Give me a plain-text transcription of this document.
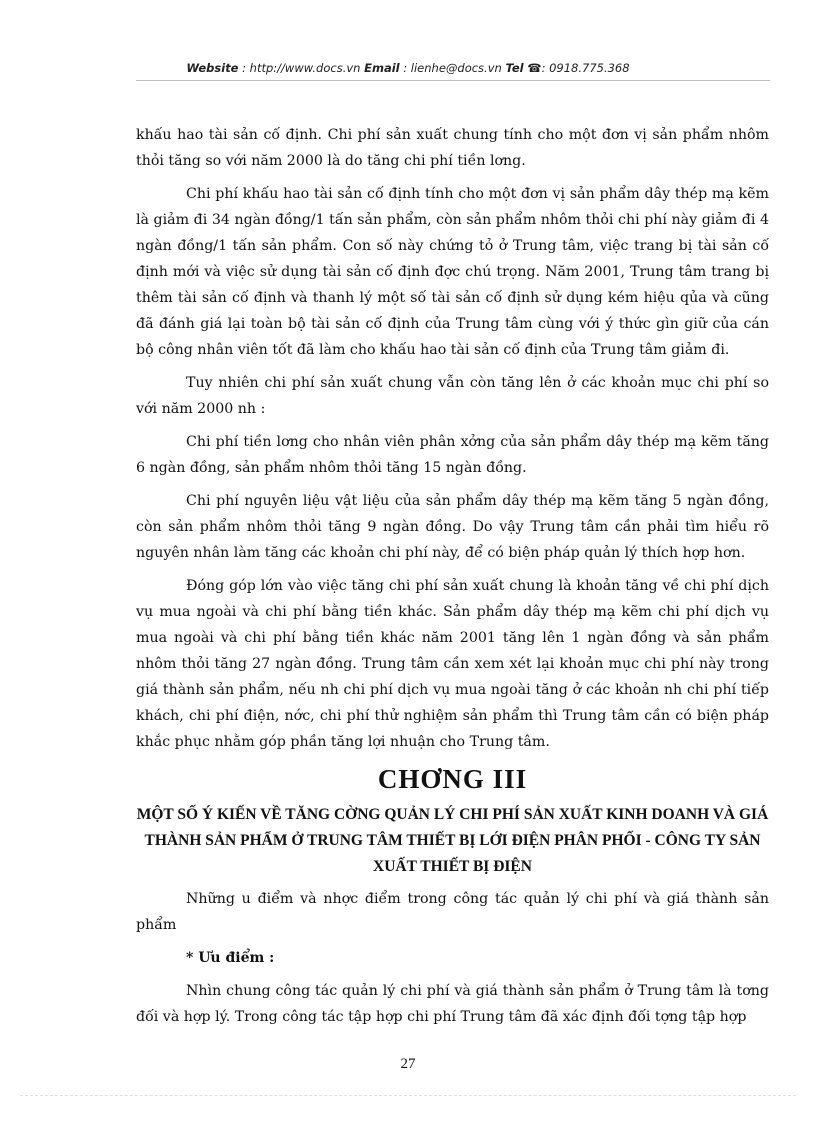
Website : http://www.docs.vn Email : lienhe@docs.vn Tel ☎: 0918.775.368

khấu hao tài sản cố định. Chi phí sản xuất chung tính cho một đơn vị sản phẩm nhôm thỏi tăng so với năm 2000 là do tăng chi phí tiền lơng.

Chi phí khấu hao tài sản cố định tính cho một đơn vị sản phẩm dây thép mạ kẽm là giảm đi 34 ngàn đồng/1 tấn sản phẩm, còn sản phẩm nhôm thỏi chi phí này giảm đi 4 ngàn đồng/1 tấn sản phẩm. Con số này chứng tỏ ở Trung tâm, việc trang bị tài sản cố định mới và việc sử dụng tài sản cố định đợc chú trọng. Năm 2001, Trung tâm trang bị thêm tài sản cố định và thanh lý một số tài sản cố định sử dụng kém hiệu qủa và cũng đã đánh giá lại toàn bộ tài sản cố định của Trung tâm cùng với ý thức gìn giữ của cán bộ công nhân viên tốt đã làm cho khấu hao tài sản cố định của Trung tâm giảm đi.

Tuy nhiên chi phí sản xuất chung vẫn còn tăng lên ở các khoản mục chi phí so với năm 2000 nh :

Chi phí tiền lơng cho nhân viên phân xởng của sản phẩm dây thép mạ kẽm tăng 6 ngàn đồng, sản phẩm nhôm thỏi tăng 15 ngàn đồng.

Chi phí nguyên liệu vật liệu của sản phẩm dây thép mạ kẽm tăng 5 ngàn đồng, còn sản phẩm nhôm thỏi tăng 9 ngàn đồng. Do vậy Trung tâm cần phải tìm hiểu rõ nguyên nhân làm tăng các khoản chi phí này, để có biện pháp quản lý thích hợp hơn.

Đóng góp lớn vào việc tăng chi phí sản xuất chung là khoản tăng về chi phí dịch vụ mua ngoài và chi phí bằng tiền khác. Sản phẩm dây thép mạ kẽm chi phí dịch vụ mua ngoài và chi phí bằng tiền khác năm 2001 tăng lên 1 ngàn đồng và sản phẩm nhôm thỏi tăng 27 ngàn đồng. Trung tâm cần xem xét lại khoản mục chi phí này trong giá thành sản phẩm, nếu nh chi phí dịch vụ mua ngoài tăng ở các khoản nh chi phí tiếp khách, chi phí điện, nớc, chi phí thử nghiệm sản phẩm thì Trung tâm cần có biện pháp khắc phục nhằm góp phần tăng lợi nhuận cho Trung tâm.

CHƠNG III
MỘT SỐ Ý KIẾN VỀ TĂNG CỜNG QUẢN LÝ CHI PHÍ SẢN XUẤT KINH DOANH VÀ GIÁ THÀNH SẢN PHẨM Ở TRUNG TÂM THIẾT BỊ LỚI ĐIỆN PHÂN PHỐI - CÔNG TY SẢN XUẤT THIẾT BỊ ĐIỆN

Những u điểm và nhợc điểm trong công tác quản lý chi phí và giá thành sản phẩm

* Ưu điểm :

Nhìn chung công tác quản lý chi phí và giá thành sản phẩm ở Trung tâm là tơng đối và hợp lý. Trong công tác tập hợp chi phí Trung tâm đã xác định đối tợng tập hợp

27
